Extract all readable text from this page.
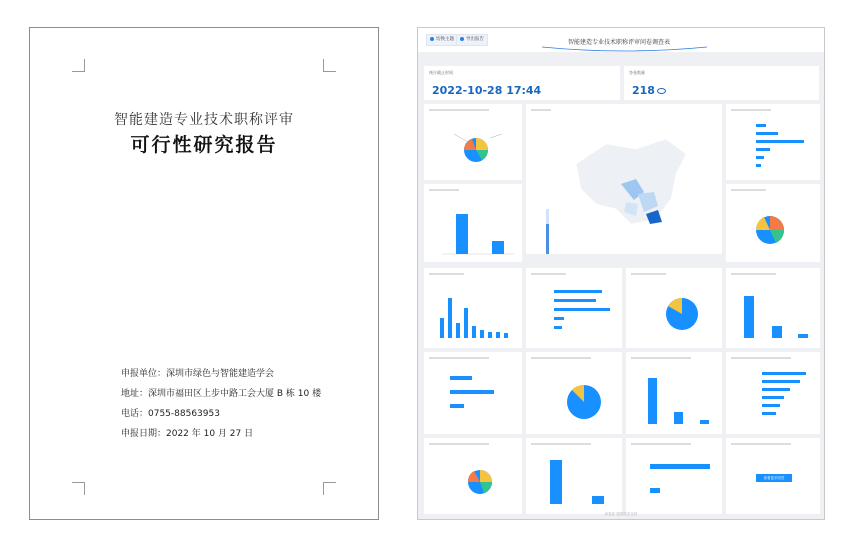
智能建造专业技术职称评审
可行性研究报告
申报单位：深圳市绿色与智能建造学会
地址：深圳市福田区上步中路工会大厦 B 栋 10 楼
电话：0755-88563953
申报日期：2022 年 10 月 27 日
切换主题	导出报告	智能建造专业技术职称评审问卷调查表
统计截止时间
2022-10-28 17:44
答卷数量
218
查看更多回答
问卷星 提供技术支持
